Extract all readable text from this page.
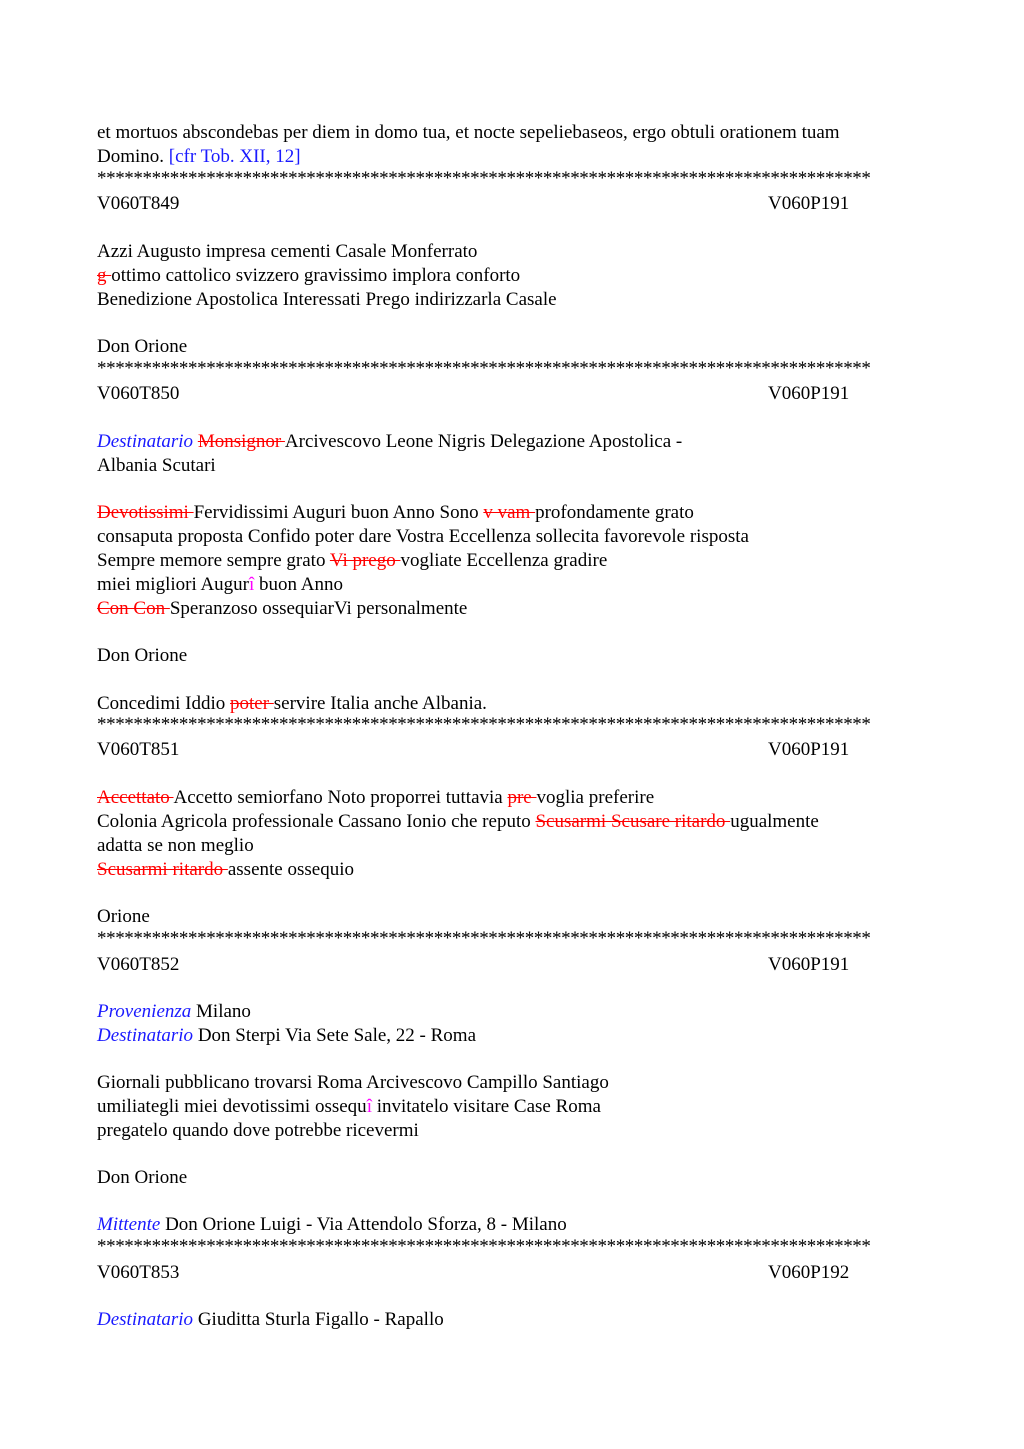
et mortuos abscondebas per diem in domo tua, et nocte sepeliebaseos, ergo obtuli orationem tuam
Domino. [cfr Tob. XII, 12]
*************************************************************************************
V060T849	V060P191
Azzi Augusto impresa cementi Casale Monferrato
g ottimo cattolico svizzero gravissimo implora conforto
Benedizione Apostolica Interessati Prego indirizzarla Casale
Don Orione
*************************************************************************************
V060T850	V060P191
Destinatario Monsignor Arcivescovo Leone Nigris Delegazione Apostolica -
Albania Scutari
Devotissimi Fervidissimi Auguri buon Anno Sono v vam profondamente grato
consaputa proposta Confido poter dare Vostra Eccellenza sollecita favorevole risposta
Sempre memore sempre grato Vi prego vogliate Eccellenza gradire
miei migliori Augurî buon Anno
Con Con Speranzoso ossequiarVi personalmente
Don Orione
Concedimi Iddio poter servire Italia anche Albania.
*************************************************************************************
V060T851	V060P191
Accettato Accetto semiorfano Noto proporrei tuttavia pre voglia preferire
Colonia Agricola professionale Cassano Ionio che reputo Scusarmi Scusare ritardo ugualmente
adatta se non meglio
Scusarmi ritardo assente ossequio
Orione
*************************************************************************************
V060T852	V060P191
Provenienza Milano
Destinatario Don Sterpi Via Sete Sale, 22 - Roma
Giornali pubblicano trovarsi Roma Arcivescovo Campillo Santiago
umiliategli miei devotissimi ossequî invitatelo visitare Case Roma
pregatelo quando dove potrebbe ricevermi
Don Orione
Mittente Don Orione Luigi - Via Attendolo Sforza, 8 - Milano
*************************************************************************************
V060T853	V060P192
Destinatario Giuditta Sturla Figallo - Rapallo
